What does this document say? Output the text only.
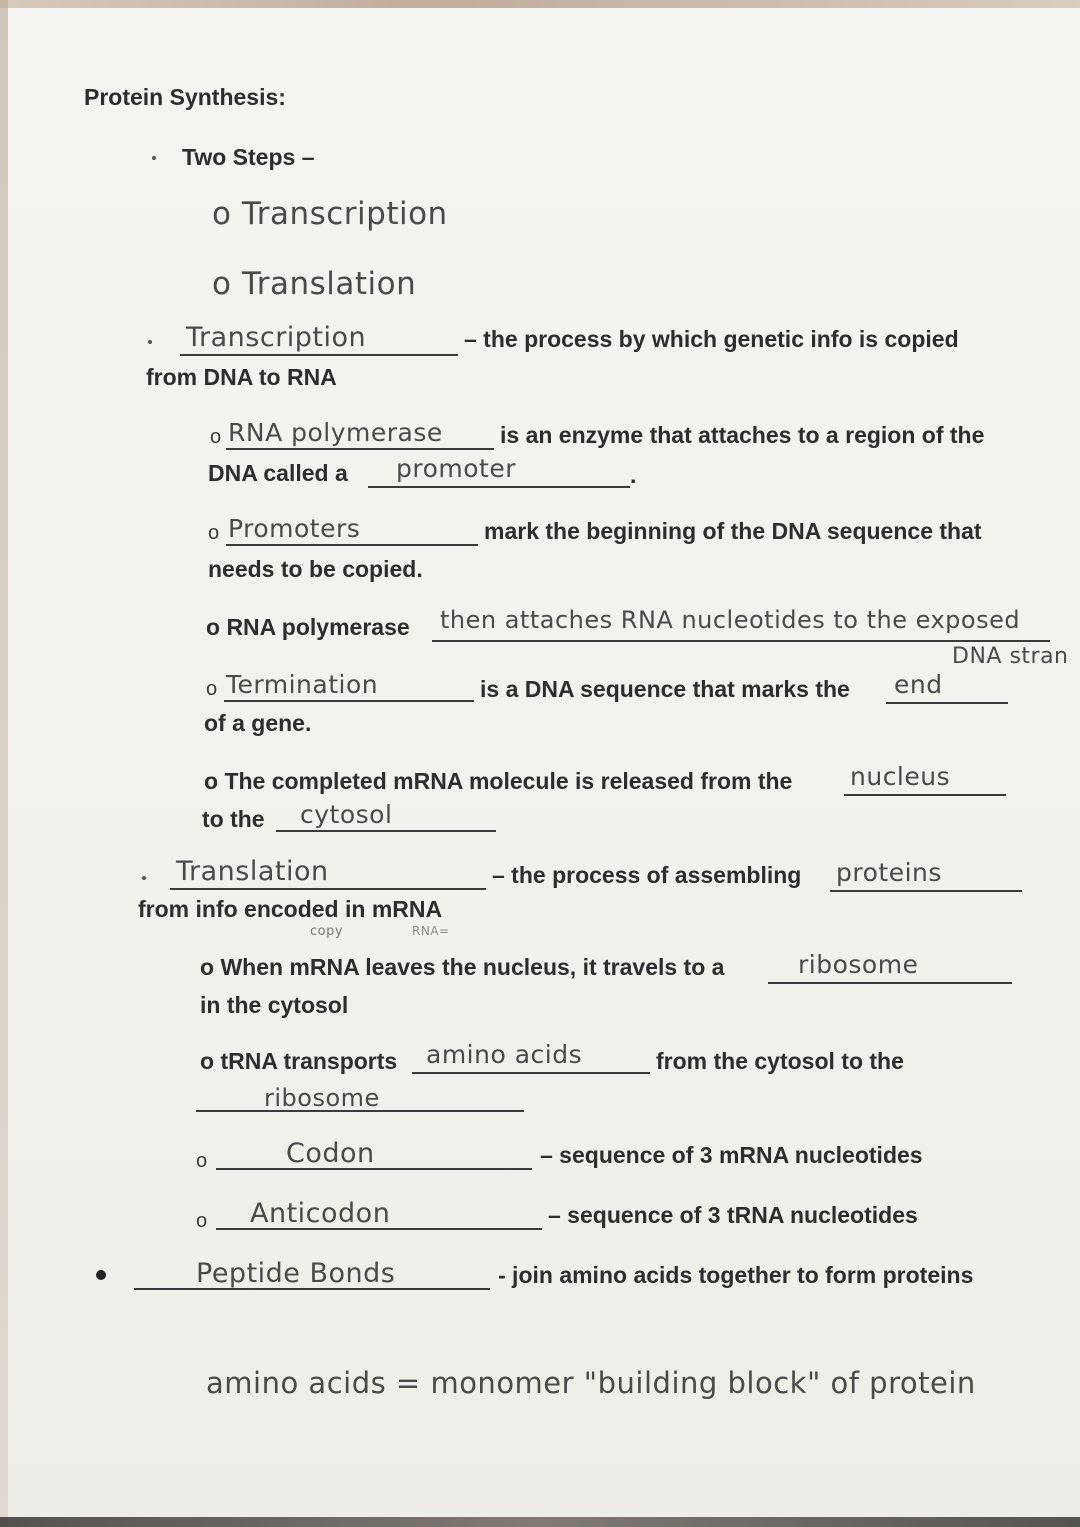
Protein Synthesis:
Two Steps –
o Transcription
o Translation
Transcription	– the process by which genetic info is copied
from DNA to RNA
o RNA polymerase is an enzyme that attaches to a region of the
DNA called a promoter	.
o Promoters	mark the beginning of the DNA sequence that
needs to be copied.
o RNA polymerase then attaches RNA nucleotides to the exposed
DNA stran
o Termination	is a DNA sequence that marks the end
of a gene.
o The completed mRNA molecule is released from the nucleus
to the cytosol
Translation	– the process of assembling proteins
from info encoded in mRNA
copy	RNA=
o When mRNA leaves the nucleus, it travels to a	ribosome
in the cytosol
o tRNA transports amino acids	from the cytosol to the
ribosome
o	Codon	– sequence of 3 mRNA nucleotides
o Anticodon	– sequence of 3 tRNA nucleotides
Peptide Bonds	- join amino acids together to form proteins
amino acids = monomer "building block" of protein
